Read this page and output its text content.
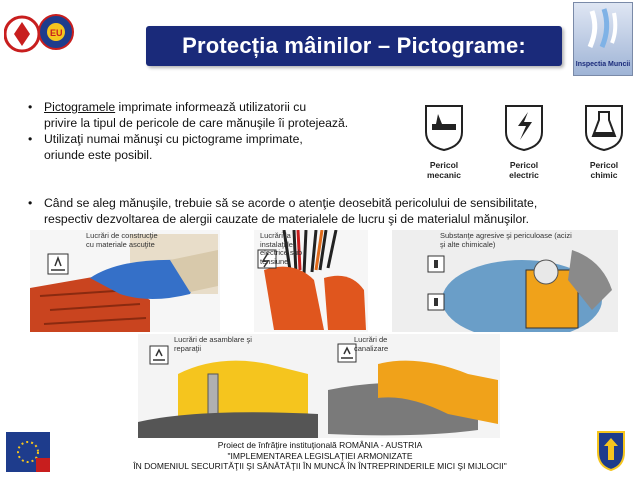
EU	Protecția mâinilor – Pictograme:
Inspectia Muncii
• Pictogramele imprimate informează utilizatorii cu
privire la tipul de pericole de care mănuşile îi protejează.
• Utilizaţi numai mănuşi cu pictograme imprimate,
oriunde este posibil.
• Când se aleg mănuşile, trebuie să se acorde o atenţie deosebită pericolului de sensibilitate,
respectiv dezvoltarea de alergii cauzate de materialele de lucru şi de materialul mănuşilor.
Pericol
mecanic
Pericol
electric
Pericol
chimic
Lucrări de construcţie
cu materiale ascuţite
Lucrări la
instalaţiile
electrice sub
tensiune
Substanţe agresive şi periculoase (acizi
şi alte chimicale)
Lucrări de asamblare şi
reparaţii
Lucrări de
canalizare
Proiect de înfrăţire instituţională ROMÂNIA - AUSTRIA
"IMPLEMENTAREA LEGISLAŢIEI ARMONIZATE
ÎN DOMENIUL SECURITĂŢII ŞI SĂNĂTĂŢII ÎN MUNCĂ ÎN ÎNTREPRINDERILE MICI ŞI MIJLOCII"
